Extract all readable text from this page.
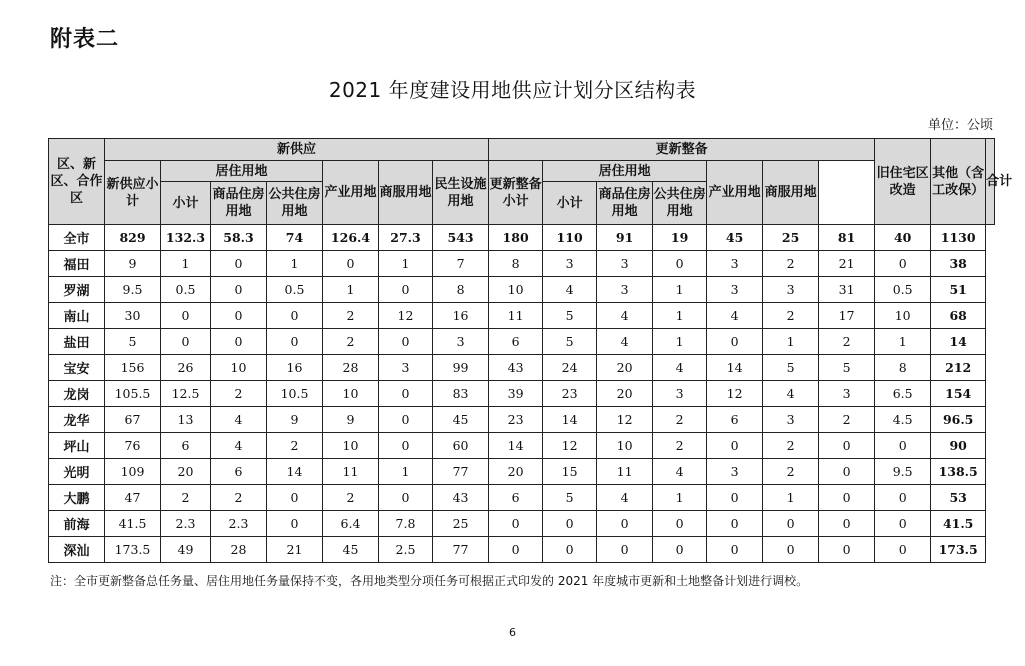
附表二
2021 年度建设用地供应计划分区结构表
单位：公顷
区、新区、合作区	新供应							更新整备							旧住宅区改造	其他（含工改保）	合计
	新供应小计	居住用地			产业用地	商服用地	民生设施用地	更新整备小计	居住用地			产业用地	商服用地				
		小计	商品住房用地	公共住房用地					小计	商品住房用地	公共住房用地						
全市	829	132.3	58.3	74	126.4	27.3	543	180	110	91	19	45	25	81	40	1130	
福田	9	1	0	1	0	1	7	8	3	3	0	3	2	21	0	38	
罗湖	9.5	0.5	0	0.5	1	0	8	10	4	3	1	3	3	31	0.5	51	
南山	30	0	0	0	2	12	16	11	5	4	1	4	2	17	10	68	
盐田	5	0	0	0	2	0	3	6	5	4	1	0	1	2	1	14	
宝安	156	26	10	16	28	3	99	43	24	20	4	14	5	5	8	212	
龙岗	105.5	12.5	2	10.5	10	0	83	39	23	20	3	12	4	3	6.5	154	
龙华	67	13	4	9	9	0	45	23	14	12	2	6	3	2	4.5	96.5	
坪山	76	6	4	2	10	0	60	14	12	10	2	0	2	0	0	90	
光明	109	20	6	14	11	1	77	20	15	11	4	3	2	0	9.5	138.5	
大鹏	47	2	2	0	2	0	43	6	5	4	1	0	1	0	0	53	
前海	41.5	2.3	2.3	0	6.4	7.8	25	0	0	0	0	0	0	0	0	41.5	
深汕	173.5	49	28	21	45	2.5	77	0	0	0	0	0	0	0	0	173.5	
注：全市更新整备总任务量、居住用地任务量保持不变，各用地类型分项任务可根据正式印发的 2021 年度城市更新和土地整备计划进行调校。
6
